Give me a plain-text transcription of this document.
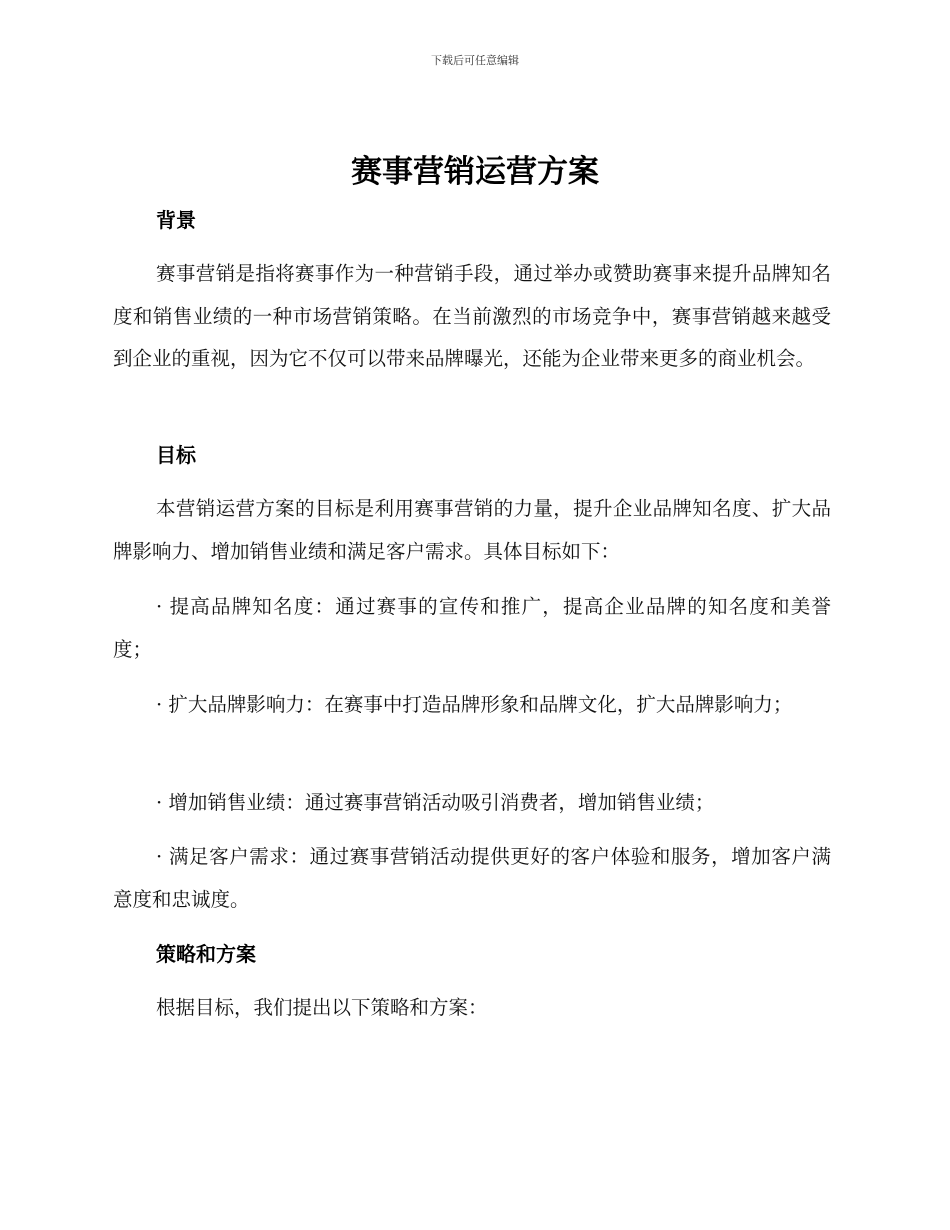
下载后可任意编辑
赛事营销运营方案
背景

赛事营销是指将赛事作为一种营销手段，通过举办或赞助赛事来提升品牌知名度和销售业绩的一种市场营销策略。在当前激烈的市场竞争中，赛事营销越来越受到企业的重视，因为它不仅可以带来品牌曝光，还能为企业带来更多的商业机会。

目标

本营销运营方案的目标是利用赛事营销的力量，提升企业品牌知名度、扩大品牌影响力、增加销售业绩和满足客户需求。具体目标如下：

· 提高品牌知名度：通过赛事的宣传和推广，提高企业品牌的知名度和美誉度；

· 扩大品牌影响力：在赛事中打造品牌形象和品牌文化，扩大品牌影响力；

· 增加销售业绩：通过赛事营销活动吸引消费者，增加销售业绩；

· 满足客户需求：通过赛事营销活动提供更好的客户体验和服务，增加客户满意度和忠诚度。

策略和方案

根据目标，我们提出以下策略和方案：
